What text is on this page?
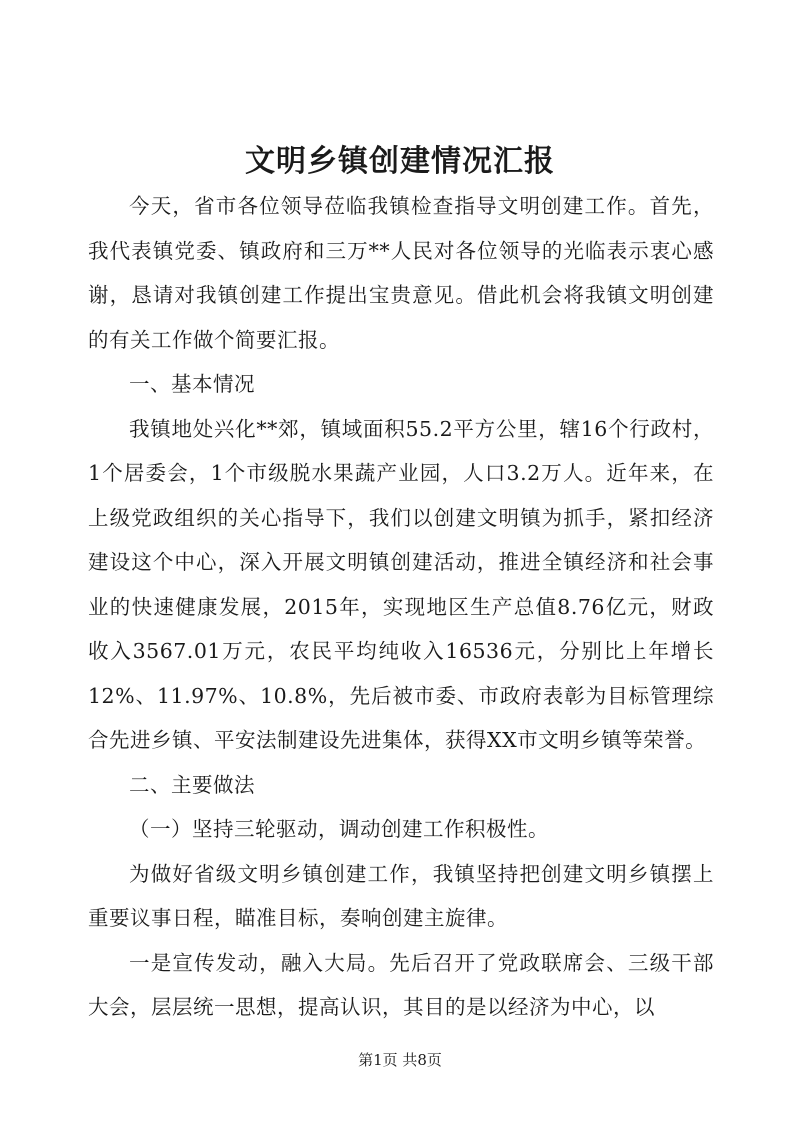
文明乡镇创建情况汇报

今天，省市各位领导莅临我镇检查指导文明创建工作。首先，我代表镇党委、镇政府和三万**人民对各位领导的光临表示衷心感谢，恳请对我镇创建工作提出宝贵意见。借此机会将我镇文明创建的有关工作做个简要汇报。

一、基本情况

我镇地处兴化**郊，镇域面积55.2平方公里，辖16个行政村，1个居委会，1个市级脱水果蔬产业园，人口3.2万人。近年来，在上级党政组织的关心指导下，我们以创建文明镇为抓手，紧扣经济建设这个中心，深入开展文明镇创建活动，推进全镇经济和社会事业的快速健康发展，2015年，实现地区生产总值8.76亿元，财政收入3567.01万元，农民平均纯收入16536元，分别比上年增长12%、11.97%、10.8%，先后被市委、市政府表彰为目标管理综合先进乡镇、平安法制建设先进集体，获得XX市文明乡镇等荣誉。

二、主要做法

（一）坚持三轮驱动，调动创建工作积极性。

为做好省级文明乡镇创建工作，我镇坚持把创建文明乡镇摆上重要议事日程，瞄准目标，奏响创建主旋律。

一是宣传发动，融入大局。先后召开了党政联席会、三级干部大会，层层统一思想，提高认识，其目的是以经济为中心，以

第1页 共8页
